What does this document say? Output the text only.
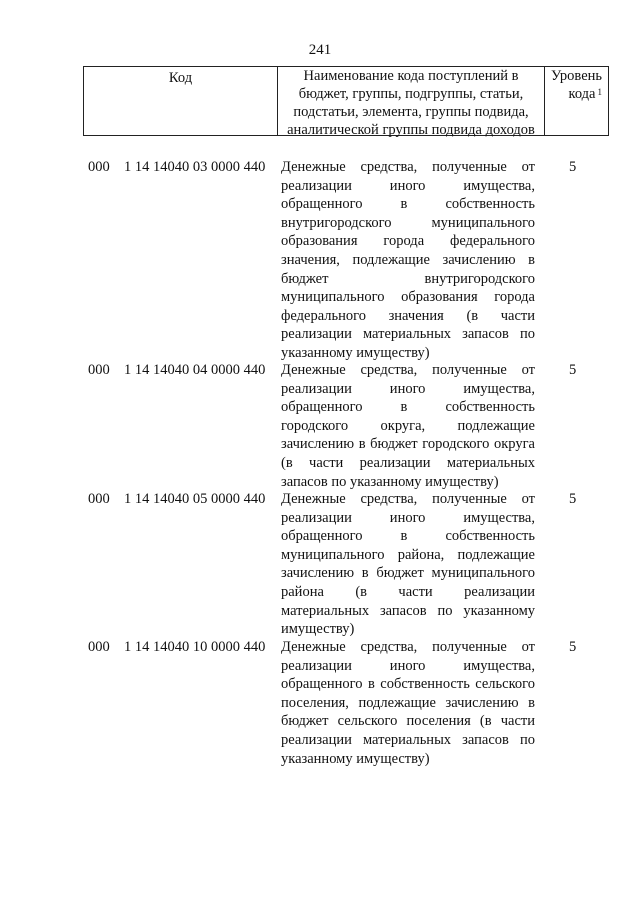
241
Код	Наименование кода поступлений в бюджет, группы, подгруппы, статьи, подстатьи, элемента, группы подвида, аналитической группы подвида доходов
Уровень кода $^1$
000 1 14 14040 03 0000 440 Денежные средства, полученные от реализации иного имущества, обращенного в собственность внутригородского муниципального образования города федерального значения, подлежащие зачислению в бюджет внутригородского муниципального образования города федерального значения (в части реализации материальных запасов по указанному имуществу)
5
000 1 14 14040 04 0000 440 Денежные средства, полученные от реализации иного имущества, обращенного в собственность городского округа, подлежащие зачислению в бюджет городского округа (в части реализации материальных запасов по указанному имуществу)
5
000 1 14 14040 05 0000 440 Денежные средства, полученные от реализации иного имущества, обращенного в собственность муниципального района, подлежащие зачислению в бюджет муниципального района (в части реализации материальных запасов по указанному имуществу)
5
000 1 14 14040 10 0000 440 Денежные средства, полученные от реализации иного имущества, обращенного в собственность сельского поселения, подлежащие зачислению в бюджет сельского поселения (в части реализации материальных запасов по указанному имуществу)
5
